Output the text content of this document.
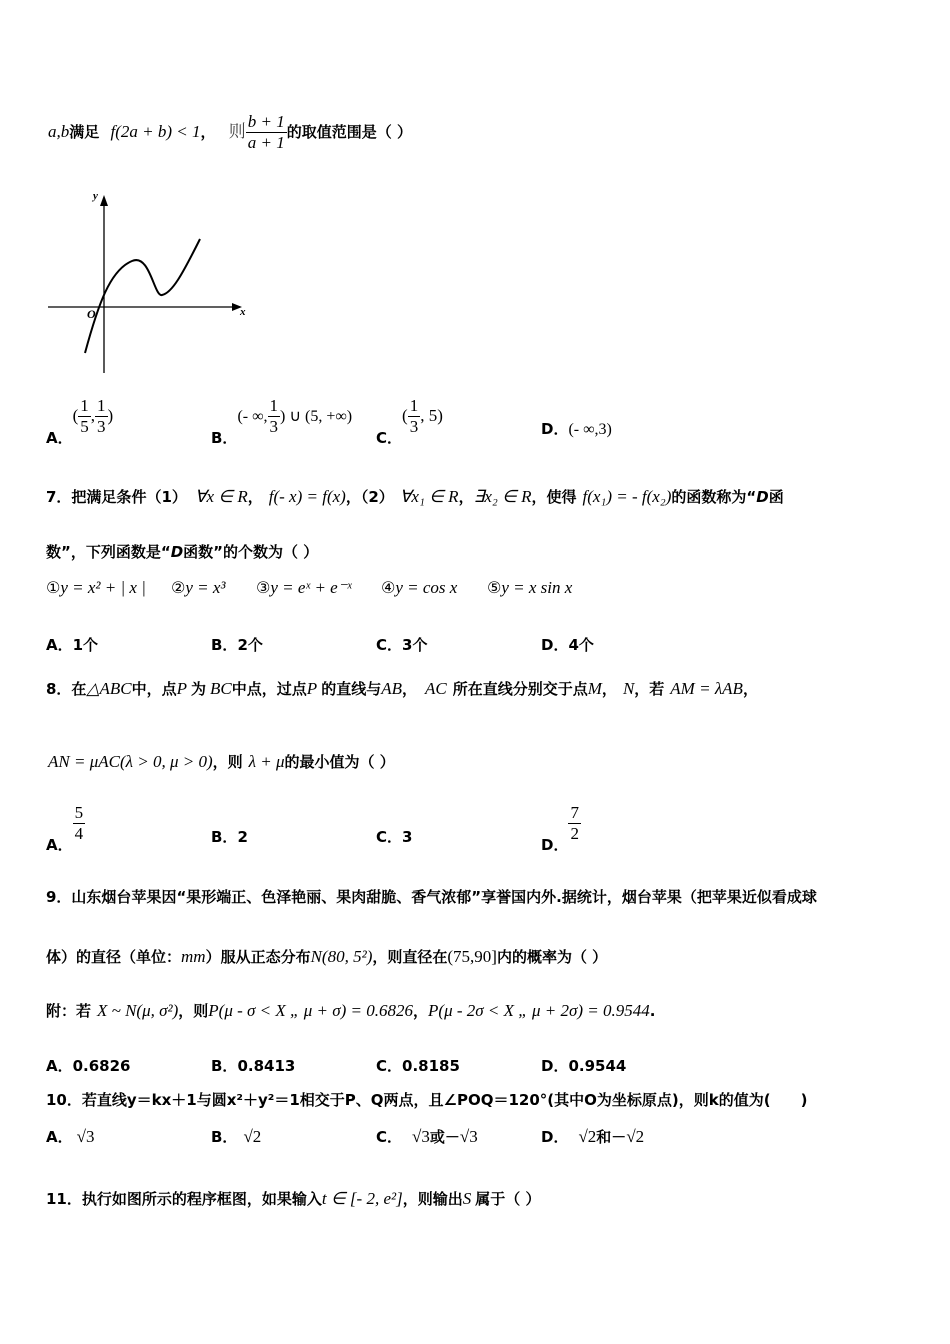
a,b满足 f(2a + b) < 1， 则 $\frac{b + 1}{a + 1}$ 的取值范围是（ ）
y
x
O
A．( $\frac{1}{5}$ , $\frac{1}{3}$ )
B．(- ∞, $\frac{1}{3}$ ) ∪ (5, +∞)
C．( $\frac{1}{3}$ , 5)
D．(- ∞,3)
7．把满足条件（1） ∀x ∈ R， f(- x) = f(x)，（2） ∀x₁ ∈ R，∃x₂ ∈ R，使得 f(x₁) = - f(x₂)的函数称为“D函
数”，下列函数是“D函数”的个数为（ ）
①y = x² + | x | ②y = x³ ③y = eˣ + e⁻ˣ ④y = cos x ⑤y = x sin x
A．1个	B．2个	C．3个	D．4个
8．在△ABC中，点P 为 BC中点，过点P 的直线与AB， AC 所在直线分别交于点M， N，若 AM = λAB，
AN = μAC(λ > 0, μ > 0)，则 λ + μ的最小值为（ ）
A．
$\frac{5}{4}$	B．2	C．3	D．
$\frac{7}{2}$
9．山东烟台苹果因“果形端正、色泽艳丽、果肉甜脆、香气浓郁”享誉国内外.据统计，烟台苹果（把苹果近似看成球
体）的直径（单位：mm）服从正态分布N(80, 5²)，则直径在(75,90]内的概率为（ ）
附：若 X ~ N(μ, σ²)，则P(μ - σ < X „ μ + σ) = 0.6826，P(μ - 2σ < X „ μ + 2σ) = 0.9544.
A．0.6826	B．0.8413	C．0.8185	D．0.9544
10．若直线y＝kx＋1与圆x²＋y²＝1相交于P、Q两点，且∠POQ＝120°(其中O为坐标原点)，则k的值为(　　)
A． √3	B． √2	C． √3或－√3	D． √2和－√2
11．执行如图所示的程序框图，如果输入t ∈ [- 2, e²]，则输出S 属于（ ）
